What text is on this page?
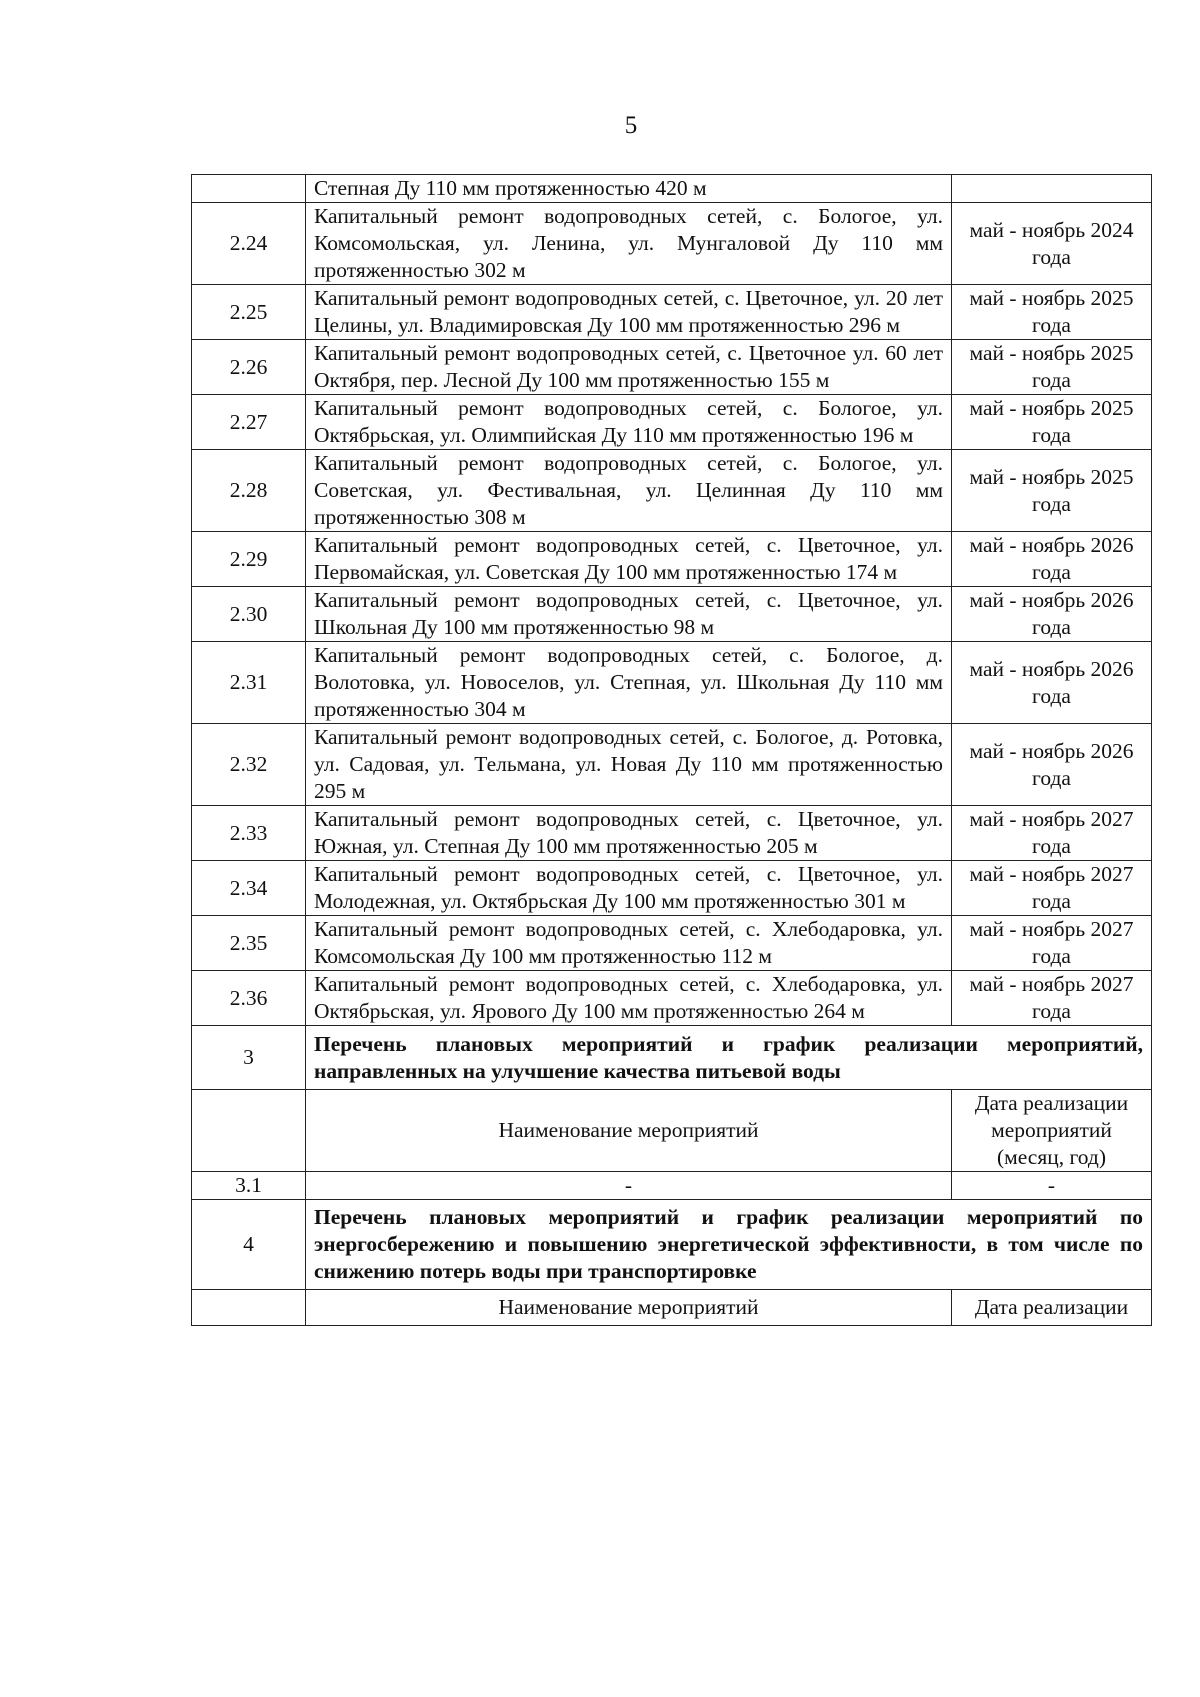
5
	Степная Ду 110 мм протяженностью 420 м	
2.24	Капитальный ремонт водопроводных сетей, с. Бологое, ул. Комсомольская, ул. Ленина, ул. Мунгаловой Ду 110 мм протяженностью 302 м	май - ноябрь 2024 года
2.25	Капитальный ремонт водопроводных сетей, с. Цветочное, ул. 20 лет Целины, ул. Владимировская Ду 100 мм протяженностью 296 м	май - ноябрь 2025 года
2.26	Капитальный ремонт водопроводных сетей, с. Цветочное ул. 60 лет Октября, пер. Лесной Ду 100 мм протяженностью 155 м	май - ноябрь 2025 года
2.27	Капитальный ремонт водопроводных сетей, с. Бологое, ул. Октябрьская, ул. Олимпийская Ду 110 мм протяженностью 196 м	май - ноябрь 2025 года
2.28	Капитальный ремонт водопроводных сетей, с. Бологое, ул. Советская, ул. Фестивальная, ул. Целинная Ду 110 мм протяженностью 308 м	май - ноябрь 2025 года
2.29	Капитальный ремонт водопроводных сетей, с. Цветочное, ул. Первомайская, ул. Советская Ду 100 мм протяженностью 174 м	май - ноябрь 2026 года
2.30	Капитальный ремонт водопроводных сетей, с. Цветочное, ул. Школьная Ду 100 мм протяженностью 98 м	май - ноябрь 2026 года
2.31	Капитальный ремонт водопроводных сетей, с. Бологое, д. Волотовка, ул. Новоселов, ул. Степная, ул. Школьная Ду 110 мм протяженностью 304 м	май - ноябрь 2026 года
2.32	Капитальный ремонт водопроводных сетей, с. Бологое, д. Ротовка, ул. Садовая, ул. Тельмана, ул. Новая Ду 110 мм протяженностью 295 м	май - ноябрь 2026 года
2.33	Капитальный ремонт водопроводных сетей, с. Цветочное, ул. Южная, ул. Степная Ду 100 мм протяженностью 205 м	май - ноябрь 2027 года
2.34	Капитальный ремонт водопроводных сетей, с. Цветочное, ул. Молодежная, ул. Октябрьская Ду 100 мм протяженностью 301 м	май - ноябрь 2027 года
2.35	Капитальный ремонт водопроводных сетей, с. Хлебодаровка, ул. Комсомольская Ду 100 мм протяженностью 112 м	май - ноябрь 2027 года
2.36	Капитальный ремонт водопроводных сетей, с. Хлебодаровка, ул. Октябрьская, ул. Ярового Ду 100 мм протяженностью 264 м	май - ноябрь 2027 года
3	Перечень плановых мероприятий и график реализации мероприятий, направленных на улучшение качества питьевой воды	
	Наименование мероприятий	Дата реализации мероприятий (месяц, год)
3.1	-	-
4	Перечень плановых мероприятий и график реализации мероприятий по энергосбережению и повышению энергетической эффективности, в том числе по снижению потерь воды при транспортировке	
	Наименование мероприятий	Дата реализации
